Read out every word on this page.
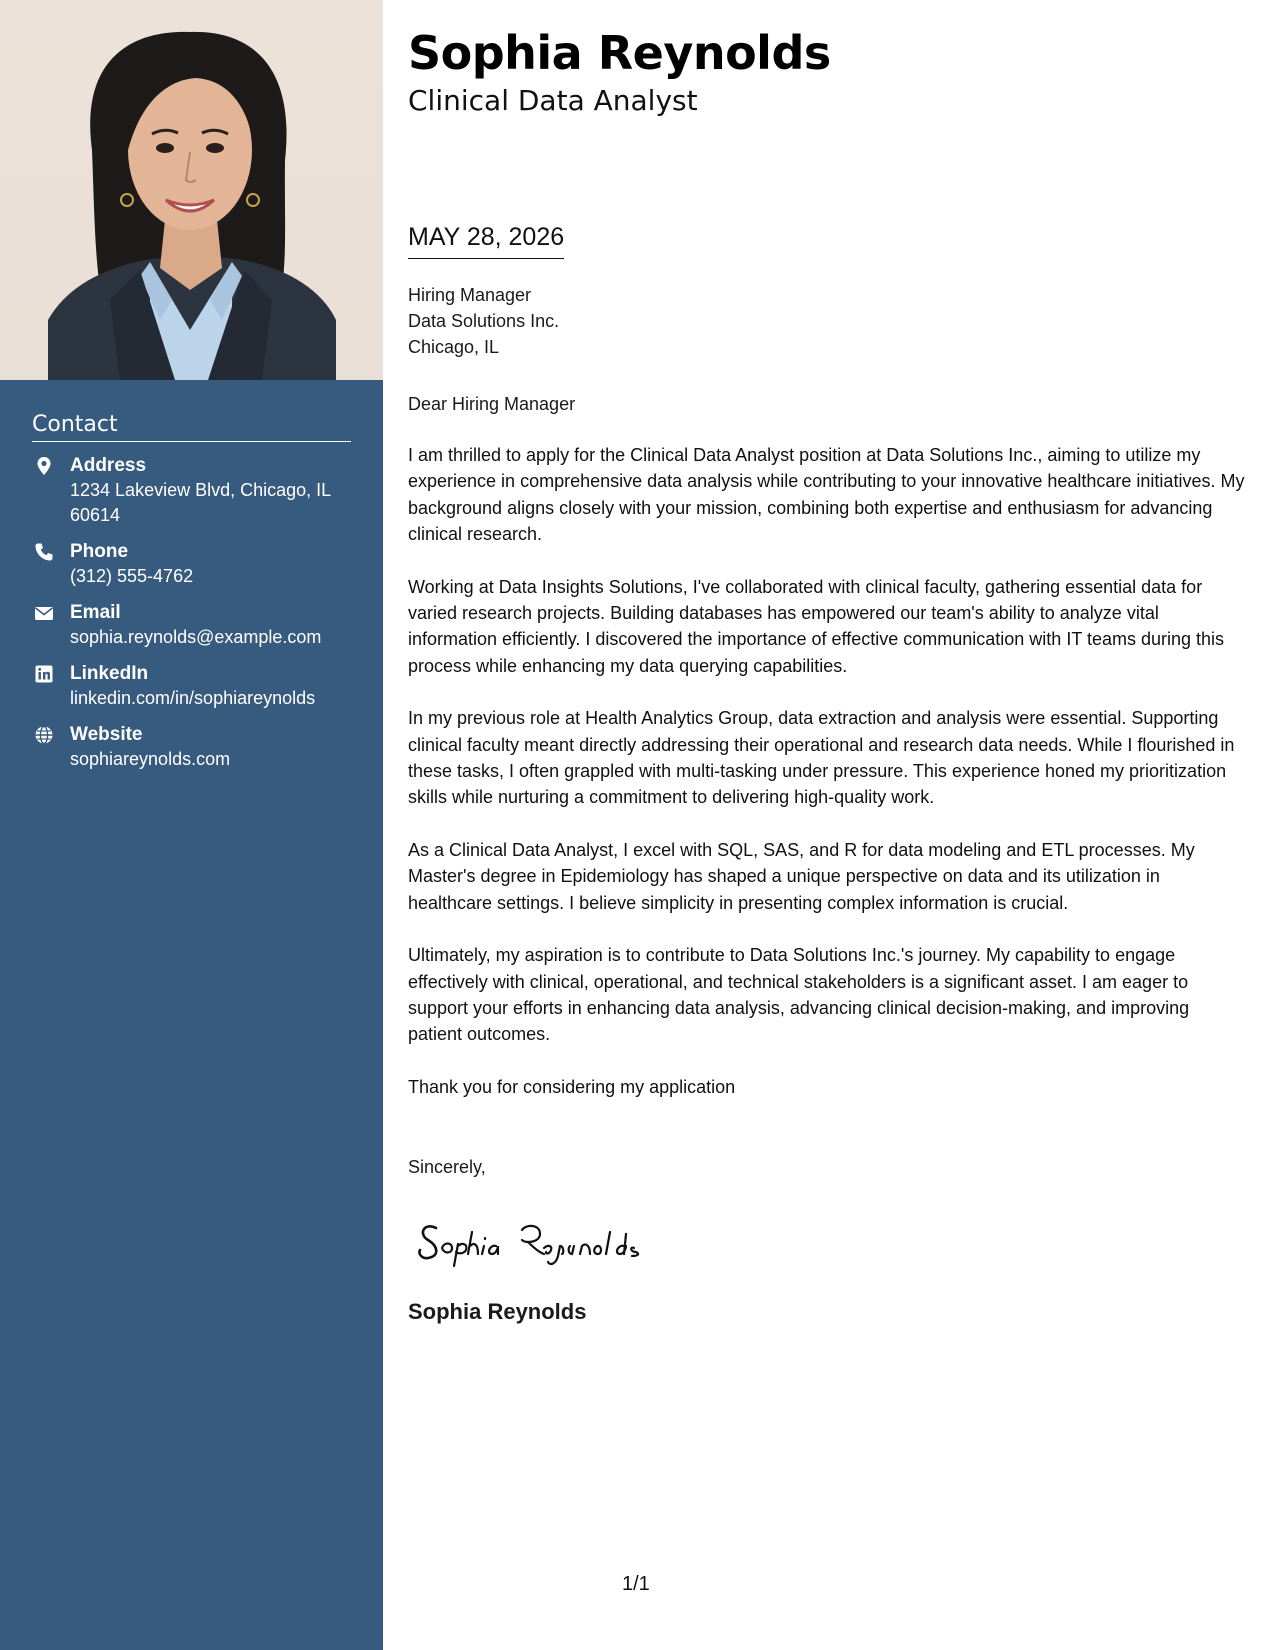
Contact
Address
1234 Lakeview Blvd, Chicago, IL 60614
Phone
(312) 555-4762
Email
sophia.reynolds@example.com
LinkedIn
linkedin.com/in/sophiareynolds
Website
sophiareynolds.com
Sophia Reynolds
Clinical Data Analyst
MAY 28, 2026
Hiring Manager
Data Solutions Inc.
Chicago, IL
Dear Hiring Manager

I am thrilled to apply for the Clinical Data Analyst position at Data Solutions Inc., aiming to utilize my experience in comprehensive data analysis while contributing to your innovative healthcare initiatives. My background aligns closely with your mission, combining both expertise and enthusiasm for advancing clinical research.

Working at Data Insights Solutions, I've collaborated with clinical faculty, gathering essential data for varied research projects. Building databases has empowered our team's ability to analyze vital information efficiently. I discovered the importance of effective communication with IT teams during this process while enhancing my data querying capabilities.

In my previous role at Health Analytics Group, data extraction and analysis were essential. Supporting clinical faculty meant directly addressing their operational and research data needs. While I flourished in these tasks, I often grappled with multi-tasking under pressure. This experience honed my prioritization skills while nurturing a commitment to delivering high-quality work.

As a Clinical Data Analyst, I excel with SQL, SAS, and R for data modeling and ETL processes. My Master's degree in Epidemiology has shaped a unique perspective on data and its utilization in healthcare settings. I believe simplicity in presenting complex information is crucial.

Ultimately, my aspiration is to contribute to Data Solutions Inc.'s journey. My capability to engage effectively with clinical, operational, and technical stakeholders is a significant asset. I am eager to support your efforts in enhancing data analysis, advancing clinical decision-making, and improving patient outcomes.

Thank you for considering my application

Sincerely,
Sophia Reynolds
1/1
